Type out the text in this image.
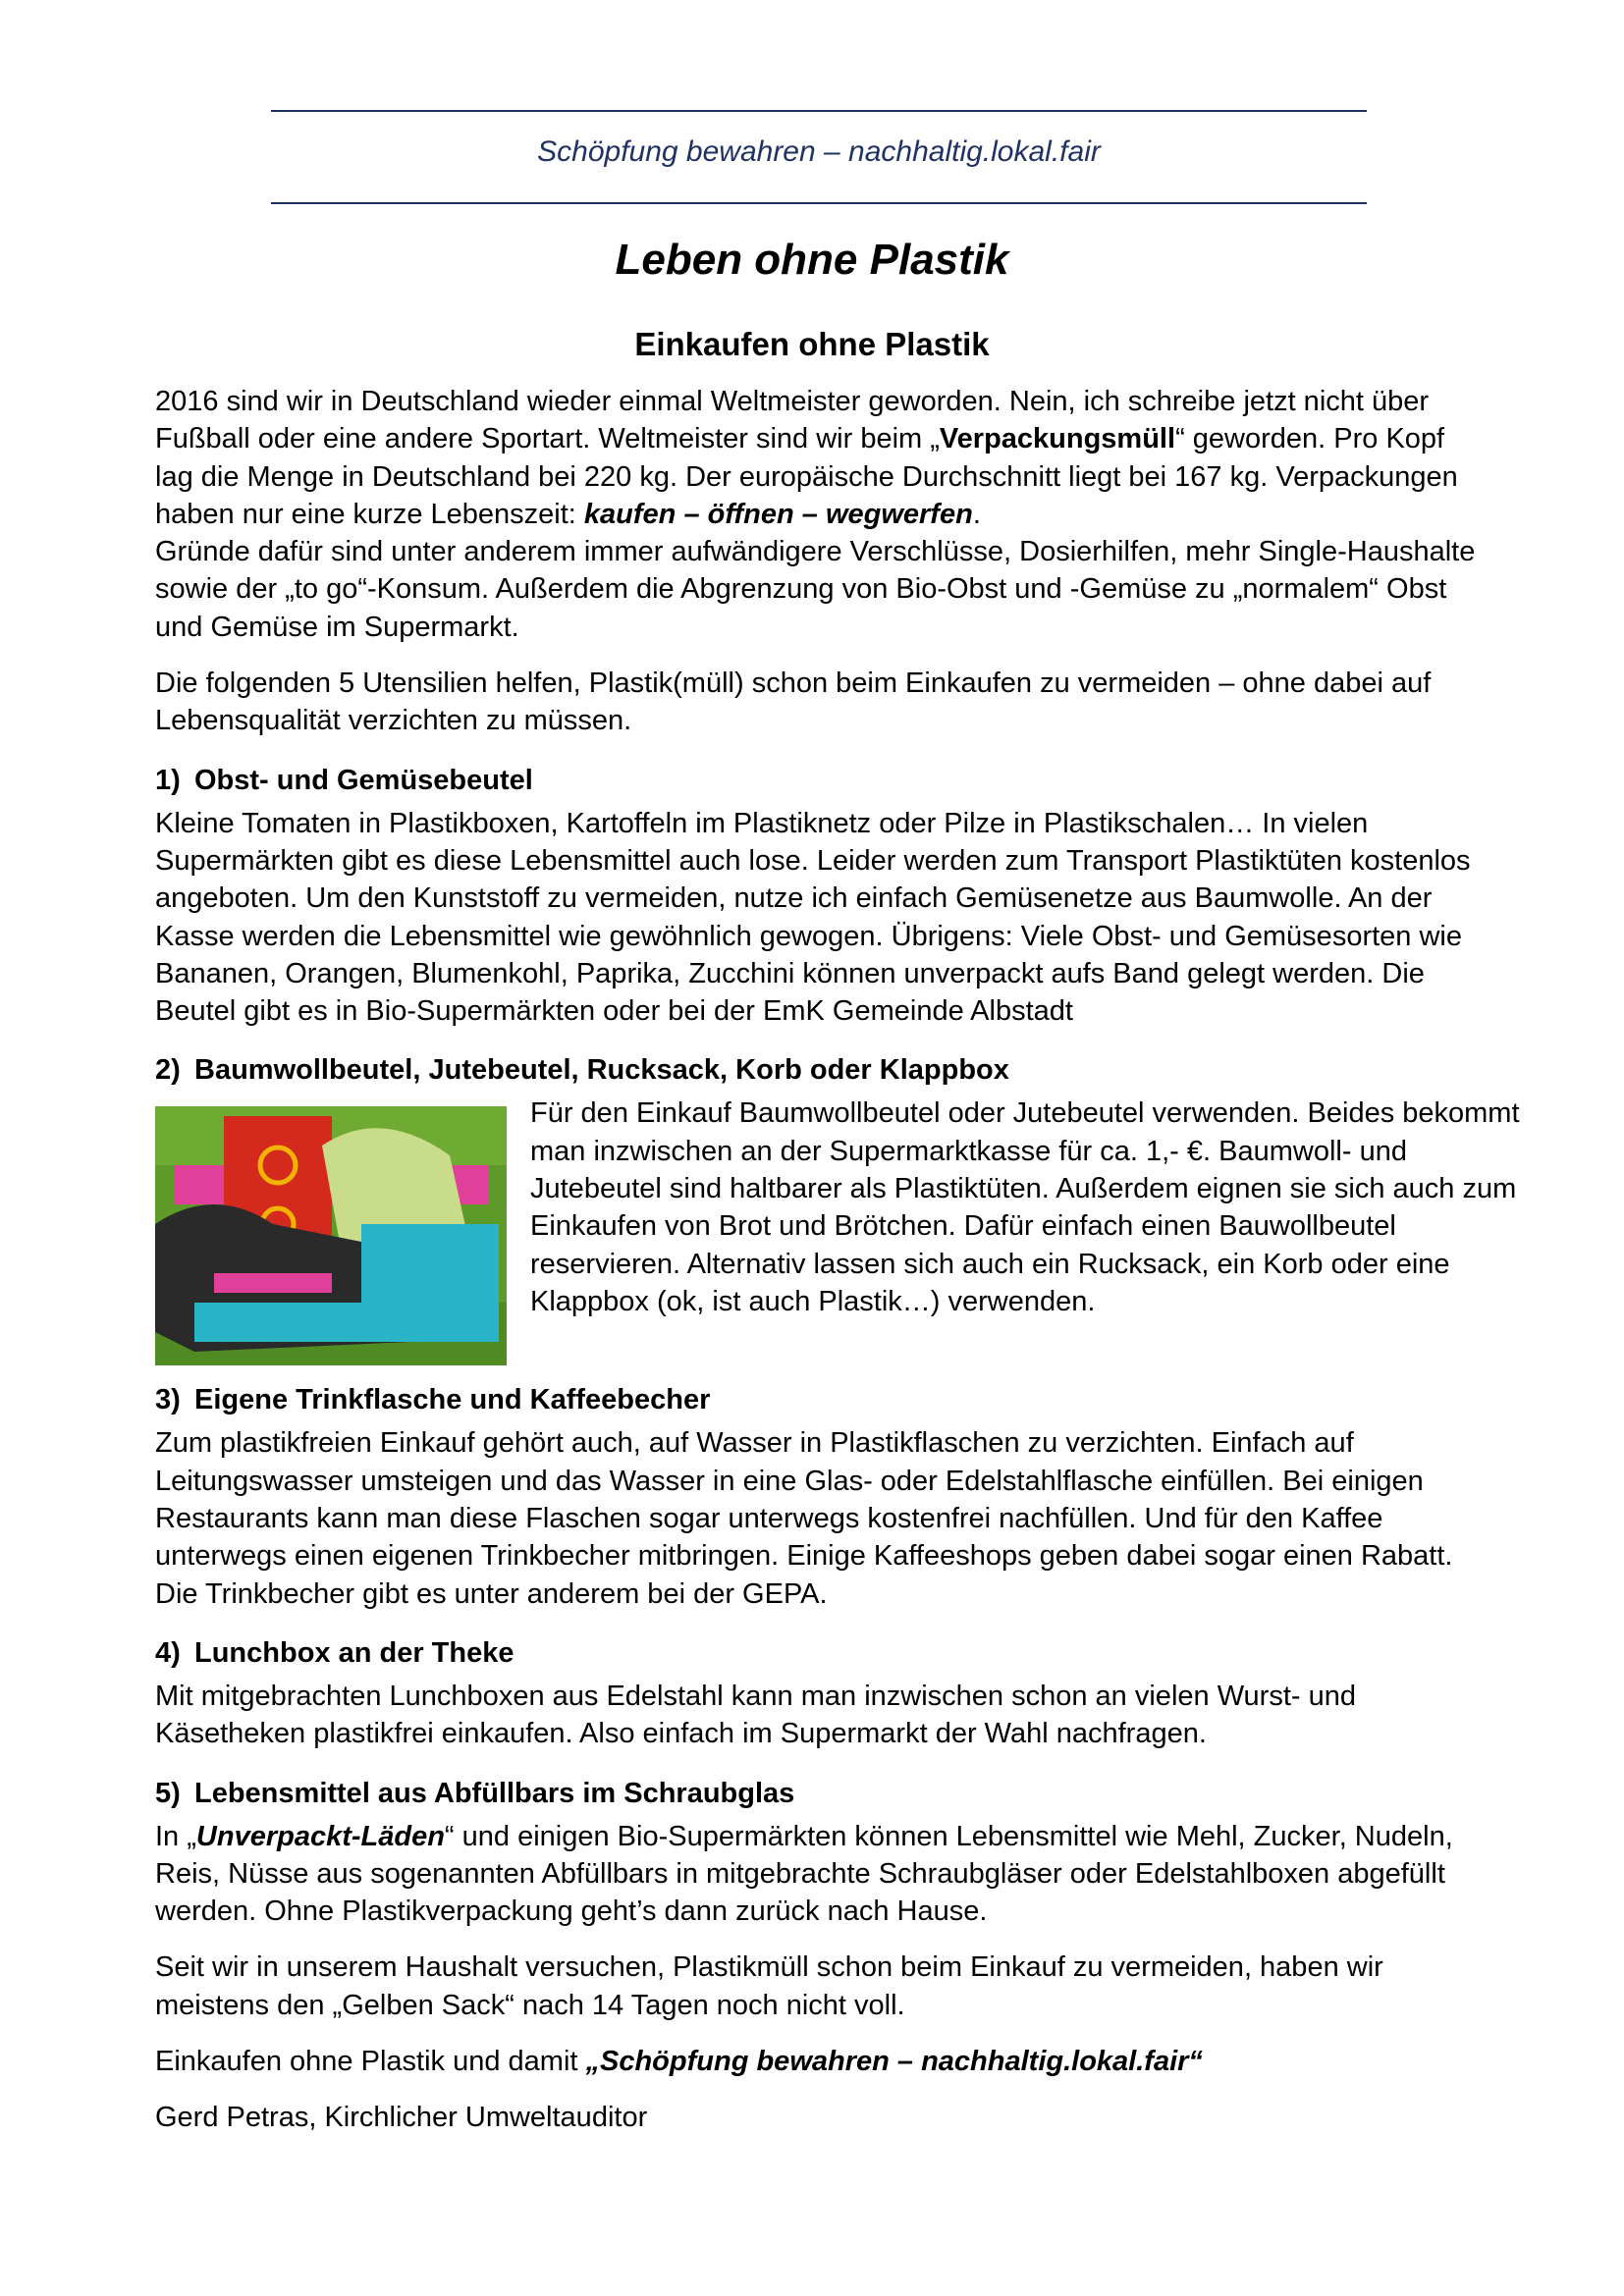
Schöpfung bewahren – nachhaltig.lokal.fair
Leben ohne Plastik
Einkaufen ohne Plastik

2016 sind wir in Deutschland wieder einmal Weltmeister geworden. Nein, ich schreibe jetzt nicht über Fußball oder eine andere Sportart. Weltmeister sind wir beim „Verpackungsmüll“ geworden. Pro Kopf lag die Menge in Deutschland bei 220 kg. Der europäische Durchschnitt liegt bei 167 kg. Verpackungen haben nur eine kurze Lebenszeit: kaufen – öffnen – wegwerfen.

Gründe dafür sind unter anderem immer aufwändigere Verschlüsse, Dosierhilfen, mehr Single-Haushalte sowie der „to go“-Konsum. Außerdem die Abgrenzung von Bio-Obst und -Gemüse zu „normalem“ Obst und Gemüse im Supermarkt.

Die folgenden 5 Utensilien helfen, Plastik(müll) schon beim Einkaufen zu vermeiden – ohne dabei auf Lebensqualität verzichten zu müssen.

1) Obst- und Gemüsebeutel

Kleine Tomaten in Plastikboxen, Kartoffeln im Plastiknetz oder Pilze in Plastikschalen… In vielen Supermärkten gibt es diese Lebensmittel auch lose. Leider werden zum Transport Plastiktüten kostenlos angeboten. Um den Kunststoff zu vermeiden, nutze ich einfach Gemüsenetze aus Baumwolle. An der Kasse werden die Lebensmittel wie gewöhnlich gewogen. Übrigens: Viele Obst- und Gemüsesorten wie Bananen, Orangen, Blumenkohl, Paprika, Zucchini können unverpackt aufs Band gelegt werden. Die Beutel gibt es in Bio-Supermärkten oder bei der EmK Gemeinde Albstadt

2) Baumwollbeutel, Jutebeutel, Rucksack, Korb oder Klappbox

Für den Einkauf Baumwollbeutel oder Jutebeutel verwenden. Beides bekommt man inzwischen an der Supermarktkasse für ca. 1,- €. Baumwoll- und Jutebeutel sind haltbarer als Plastiktüten. Außerdem eignen sie sich auch zum Einkaufen von Brot und Brötchen. Dafür einfach einen Bauwollbeutel reservieren. Alternativ lassen sich auch ein Rucksack, ein Korb oder eine Klappbox (ok, ist auch Plastik…) verwenden.

3) Eigene Trinkflasche und Kaffeebecher

Zum plastikfreien Einkauf gehört auch, auf Wasser in Plastikflaschen zu verzichten. Einfach auf Leitungswasser umsteigen und das Wasser in eine Glas- oder Edelstahlflasche einfüllen. Bei einigen Restaurants kann man diese Flaschen sogar unterwegs kostenfrei nachfüllen. Und für den Kaffee unterwegs einen eigenen Trinkbecher mitbringen. Einige Kaffeeshops geben dabei sogar einen Rabatt. Die Trinkbecher gibt es unter anderem bei der GEPA.

4) Lunchbox an der Theke

Mit mitgebrachten Lunchboxen aus Edelstahl kann man inzwischen schon an vielen Wurst- und Käsetheken plastikfrei einkaufen. Also einfach im Supermarkt der Wahl nachfragen.

5) Lebensmittel aus Abfüllbars im Schraubglas

In „Unverpackt-Läden“ und einigen Bio-Supermärkten können Lebensmittel wie Mehl, Zucker, Nudeln, Reis, Nüsse aus sogenannten Abfüllbars in mitgebrachte Schraubgläser oder Edelstahlboxen abgefüllt werden. Ohne Plastikverpackung geht’s dann zurück nach Hause.

Seit wir in unserem Haushalt versuchen, Plastikmüll schon beim Einkauf zu vermeiden, haben wir meistens den „Gelben Sack“ nach 14 Tagen noch nicht voll.

Einkaufen ohne Plastik und damit „Schöpfung bewahren – nachhaltig.lokal.fair“

Gerd Petras, Kirchlicher Umweltauditor
